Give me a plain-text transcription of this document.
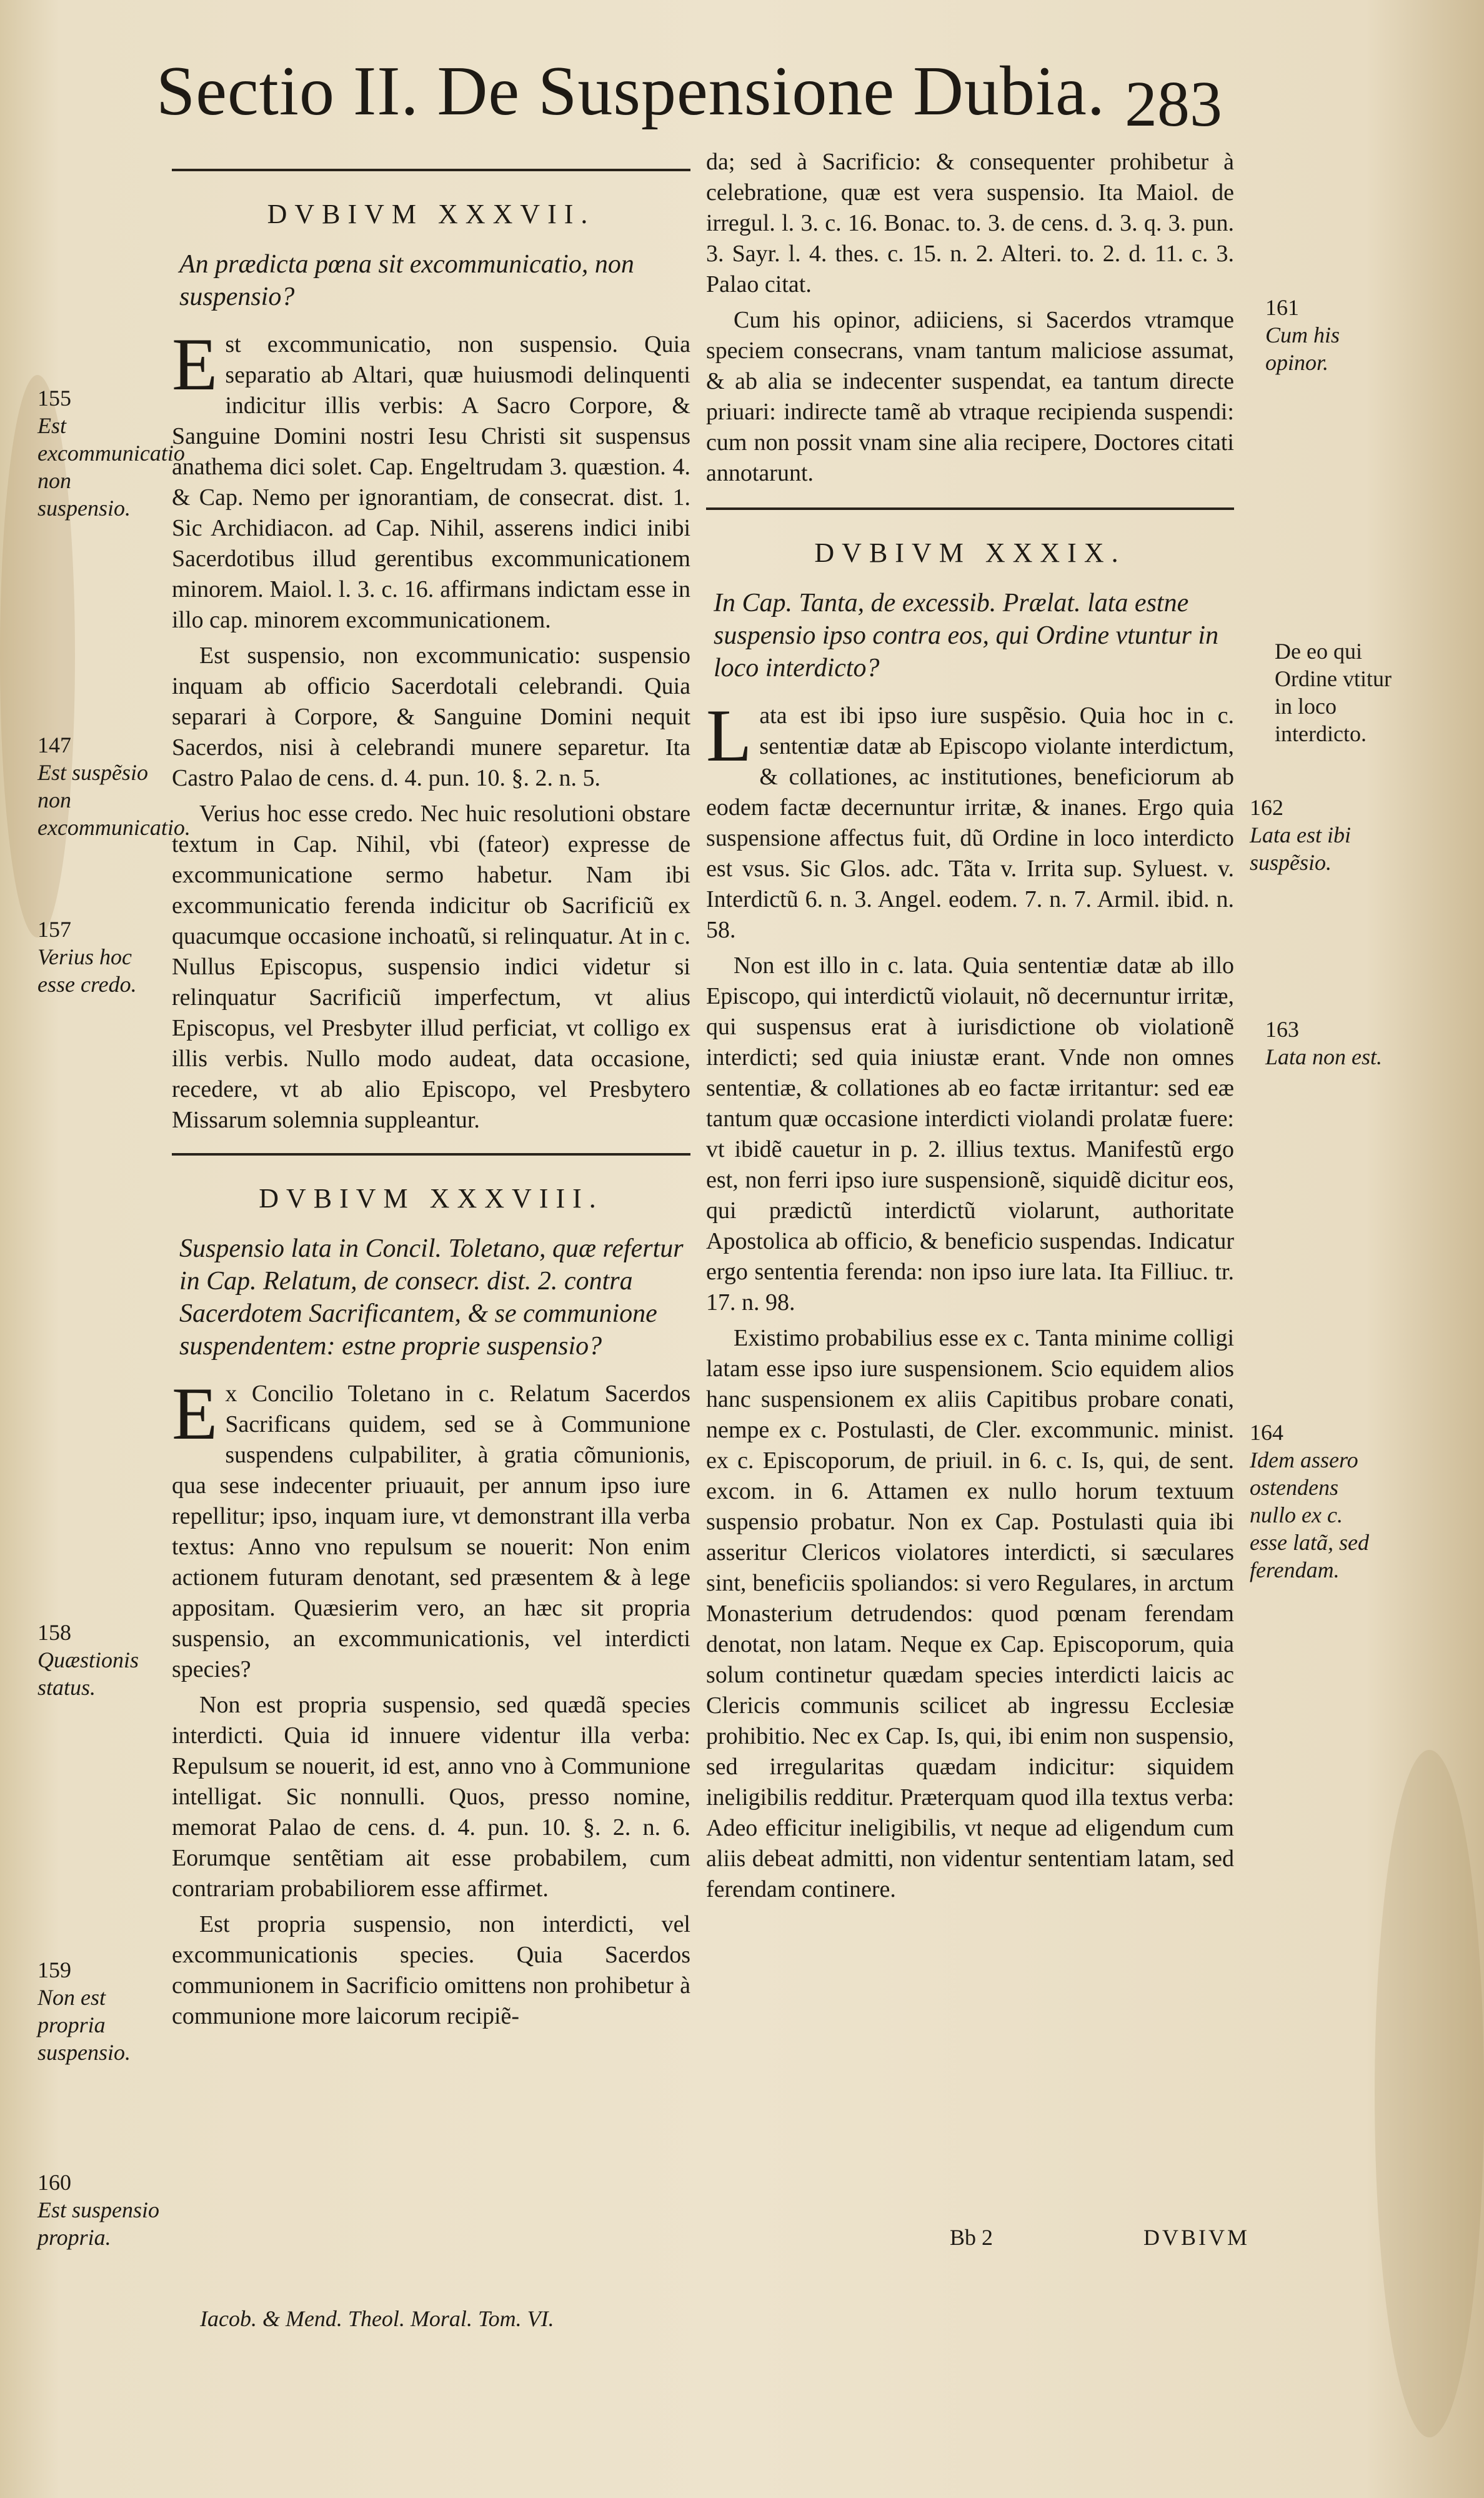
Sectio II. De Suspensione Dubia. 283
DVBIVM XXXVII.
An prædicta pœna sit excommunicatio, non suspensio?

Est excommunicatio, non suspensio. Quia separatio ab Altari, quæ huiusmodi delinquenti indicitur illis verbis: A Sacro Corpore, & Sanguine Domini nostri Iesu Christi sit suspensus anathema dici solet. Cap. Engeltrudam 3. quæstion. 4. & Cap. Nemo per ignorantiam, de consecrat. dist. 1. Sic Archidiacon. ad Cap. Nihil, asserens indici inibi Sacerdotibus illud gerentibus excommunicationem minorem. Maiol. l. 3. c. 16. affirmans indictam esse in illo cap. minorem excommunicationem.

Est suspensio, non excommunicatio: suspensio inquam ab officio Sacerdotali celebrandi. Quia separari à Corpore, & Sanguine Domini nequit Sacerdos, nisi à celebrandi munere separetur. Ita Castro Palao de cens. d. 4. pun. 10. §. 2. n. 5.

Verius hoc esse credo. Nec huic resolutioni obstare textum in Cap. Nihil, vbi (fateor) expresse de excommunicatione sermo habetur. Nam ibi excommunicatio ferenda indicitur ob Sacrificiũ ex quacumque occasione inchoatũ, si relinquatur. At in c. Nullus Episcopus, suspensio indici videtur si relinquatur Sacrificiũ imperfectum, vt alius Episcopus, vel Presbyter illud perficiat, vt colligo ex illis verbis. Nullo modo audeat, data occasione, recedere, vt ab alio Episcopo, vel Presbytero Missarum solemnia suppleantur.

DVBIVM XXXVIII.
Suspensio lata in Concil. Toletano, quæ refertur in Cap. Relatum, de consecr. dist. 2. contra Sacerdotem Sacrificantem, & se communione suspendentem: estne proprie suspensio?

Ex Concilio Toletano in c. Relatum Sacerdos Sacrificans quidem, sed se à Communione suspendens culpabiliter, à gratia cõmunionis, qua sese indecenter priuauit, per annum ipso iure repellitur; ipso, inquam iure, vt demonstrant illa verba textus: Anno vno repulsum se nouerit: Non enim actionem futuram denotant, sed præsentem & à lege appositam. Quæsierim vero, an hæc sit propria suspensio, an excommunicationis, vel interdicti species?

Non est propria suspensio, sed quædã species interdicti. Quia id innuere videntur illa verba: Repulsum se nouerit, id est, anno vno à Communione intelligat. Sic nonnulli. Quos, presso nomine, memorat Palao de cens. d. 4. pun. 10. §. 2. n. 6. Eorumque sentẽtiam ait esse probabilem, cum contrariam probabiliorem esse affirmet.

Est propria suspensio, non interdicti, vel excommunicationis species. Quia Sacerdos communionem in Sacrificio omittens non prohibetur à communione more laicorum recipiẽ-

Iacob. & Mend. Theol. Moral. Tom. VI.

da; sed à Sacrificio: & consequenter prohibetur à celebratione, quæ est vera suspensio. Ita Maiol. de irregul. l. 3. c. 16. Bonac. to. 3. de cens. d. 3. q. 3. pun. 3. Sayr. l. 4. thes. c. 15. n. 2. Alteri. to. 2. d. 11. c. 3. Palao citat.

Cum his opinor, adiiciens, si Sacerdos vtramque speciem consecrans, vnam tantum maliciose assumat, & ab alia se indecenter suspendat, ea tantum directe priuari: indirecte tamẽ ab vtraque recipienda suspendi: cum non possit vnam sine alia recipere, Doctores citati annotarunt.

DVBIVM XXXIX.
In Cap. Tanta, de excessib. Prælat. lata estne suspensio ipso contra eos, qui Ordine vtuntur in loco interdicto?

Lata est ibi ipso iure suspẽsio. Quia hoc in c. sententiæ datæ ab Episcopo violante interdictum, & collationes, ac institutiones, beneficiorum ab eodem factæ decernuntur irritæ, & inanes. Ergo quia suspensione affectus fuit, dũ Ordine in loco interdicto est vsus. Sic Glos. adc. Tãta v. Irrita sup. Syluest. v. Interdictũ 6. n. 3. Angel. eodem. 7. n. 7. Armil. ibid. n. 58.

Non est illo in c. lata. Quia sententiæ datæ ab illo Episcopo, qui interdictũ violauit, nõ decernuntur irritæ, qui suspensus erat à iurisdictione ob violationẽ interdicti; sed quia iniustæ erant. Vnde non omnes sententiæ, & collationes ab eo factæ irritantur: sed eæ tantum quæ occasione interdicti violandi prolatæ fuere: vt ibidẽ cauetur in p. 2. illius textus. Manifestũ ergo est, non ferri ipso iure suspensionẽ, siquidẽ dicitur eos, qui prædictũ interdictũ violarunt, authoritate Apostolica ab officio, & beneficio suspendas. Indicatur ergo sententia ferenda: non ipso iure lata. Ita Filliuc. tr. 17. n. 98.

Existimo probabilius esse ex c. Tanta minime colligi latam esse ipso iure suspensionem. Scio equidem alios hanc suspensionem ex aliis Capitibus probare conati, nempe ex c. Postulasti, de Cler. excommunic. minist. ex c. Episcoporum, de priuil. in 6. c. Is, qui, de sent. excom. in 6. Attamen ex nullo horum textuum suspensio probatur. Non ex Cap. Postulasti quia ibi asseritur Clericos violatores interdicti, si sæculares sint, beneficiis spoliandos: si vero Regulares, in arctum Monasterium detrudendos: quod pœnam ferendam denotat, non latam. Neque ex Cap. Episcoporum, quia solum continetur quædam species interdicti laicis ac Clericis communis scilicet ab ingressu Ecclesiæ prohibitio. Nec ex Cap. Is, qui, ibi enim non suspensio, sed irregularitas quædam indicitur: siquidem ineligibilis redditur. Præterquam quod illa textus verba: Adeo efficitur ineligibilis, vt neque ad eligendum cum aliis debeat admitti, non videntur sententiam latam, sed ferendam continere.

Bb 2	DVBIVM
155
Est excommunicatio non suspensio.
147
Est suspẽsio non excommunicatio.
157
Verius hoc esse credo.
158
Quæstionis status.
159
Non est propria suspensio.
160
Est suspensio propria.
161
Cum his opinor.
De eo qui Ordine vtitur in loco interdicto.
162
Lata est ibi suspẽsio.
163
Lata non est.
164
Idem assero ostendens nullo ex c. esse latã, sed ferendam.
